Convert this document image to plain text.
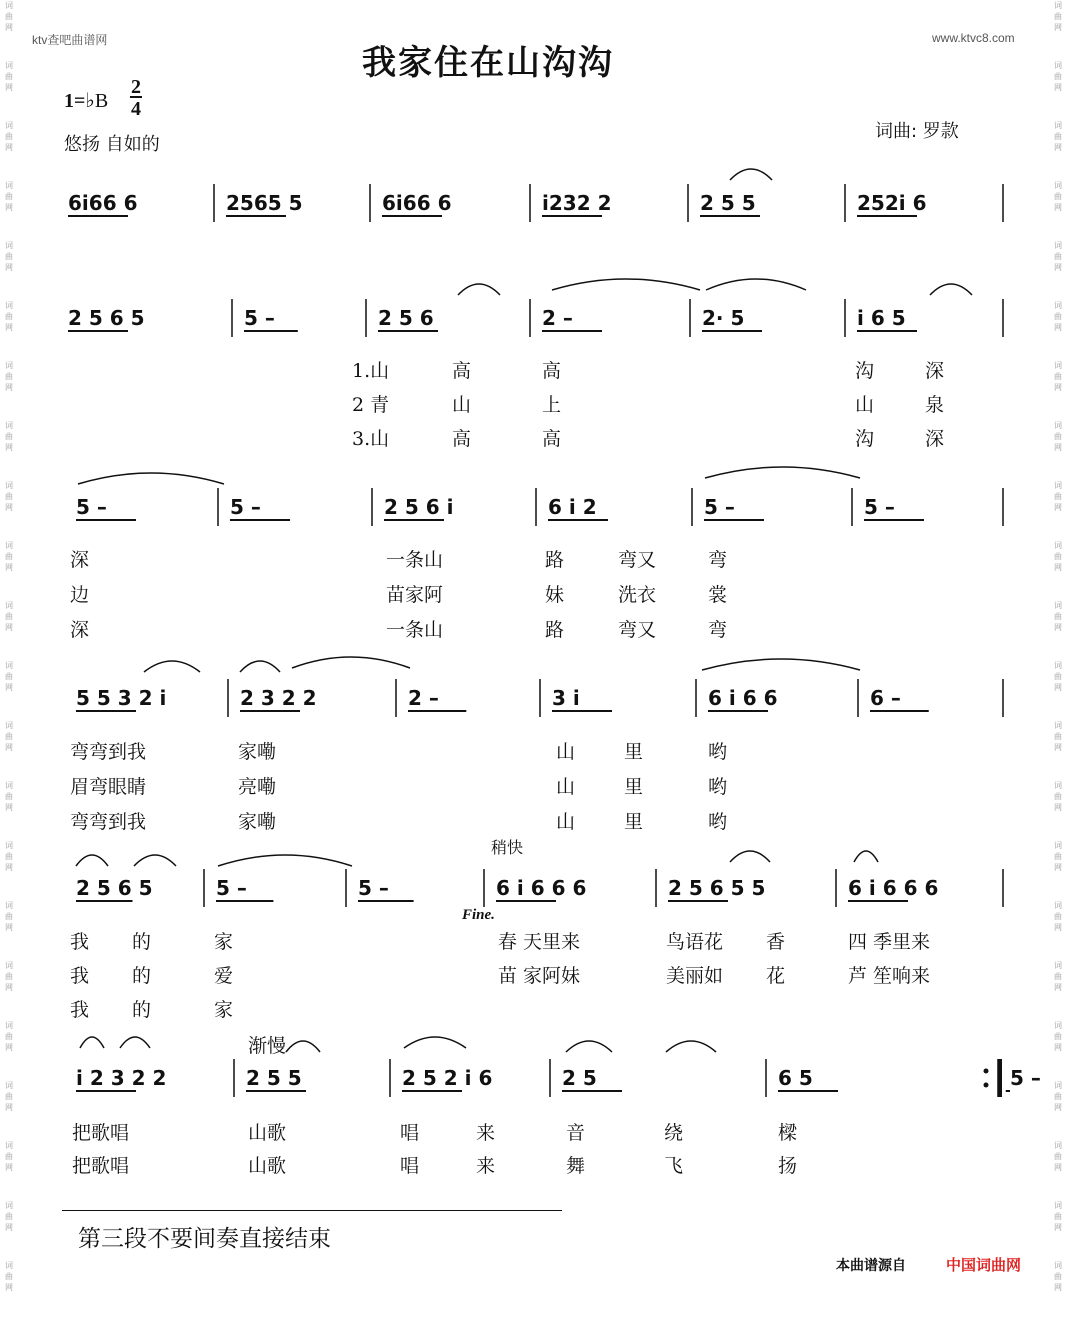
词
曲
网
词
曲
网
词
曲
网
词
曲
网
词
曲
网
词
曲
网
词
曲
网
词
曲
网
词
曲
网
词
曲
网
词
曲
网
词
曲
网
词
曲
网
词
曲
网
词
曲
网
词
曲
网
词
曲
网
词
曲
网
词
曲
网
词
曲
网
词
曲
网
词
曲
网
词
曲
网
词
曲
网
词
曲
网
词
曲
网
词
曲
网
词
曲
网
词
曲
网
词
曲
网
词
曲
网
词
曲
网
词
曲
网
词
曲
网
词
曲
网
词
曲
网
词
曲
网
词
曲
网
词
曲
网
词
曲
网
词
曲
网
词
曲
网
词
曲
网
词
曲
网
ktv查吧曲谱网	www.ktvc8.com
我家住在山沟沟
1=♭B
2
4
悠扬 自如的
词曲: 罗款
6i66 6	2565 5	6i66 6	i232 2	2 5 5	252i 6
2 5 6 5	5 –	2 5 6	2 –	2· 5	i 6 5
5 –	5 –	2 5 6 i	6 i 2	5 –	5 –
5 5 3 2 i	2 3 2 2	2 –	3 i	6 i 6 6	6 –
2 5 6 5	5 –	5 –	6 i 6 6 6	2 5 6 5 5	6 i 6 6 6
i 2 3 2 2	2 5 5	2 5 2 i 6	2 5	6 5	5 –
1.山	高	高	沟	深
2 青	山	上	山	泉
3.山	高	高	沟	深
深	一条山	路	弯又	弯
边	苗家阿	妹	洗衣	裳
深	一条山	路	弯又	弯
弯弯到我	家嘞	山	里	哟
眉弯眼睛	亮嘞	山	里	哟
弯弯到我	家嘞	山	里	哟
我 的	家	春 天里来	鸟语花 香	四 季里来
我 的	爱	苗 家阿妹	美丽如 花	芦 笙响来
我 的	家
把歌唱	山歌	唱	来	音	绕	樑
把歌唱	山歌	唱	来	舞	飞	扬
稍快
Fine.
渐慢
第三段不要间奏直接结束
本曲谱源自	中国词曲网
